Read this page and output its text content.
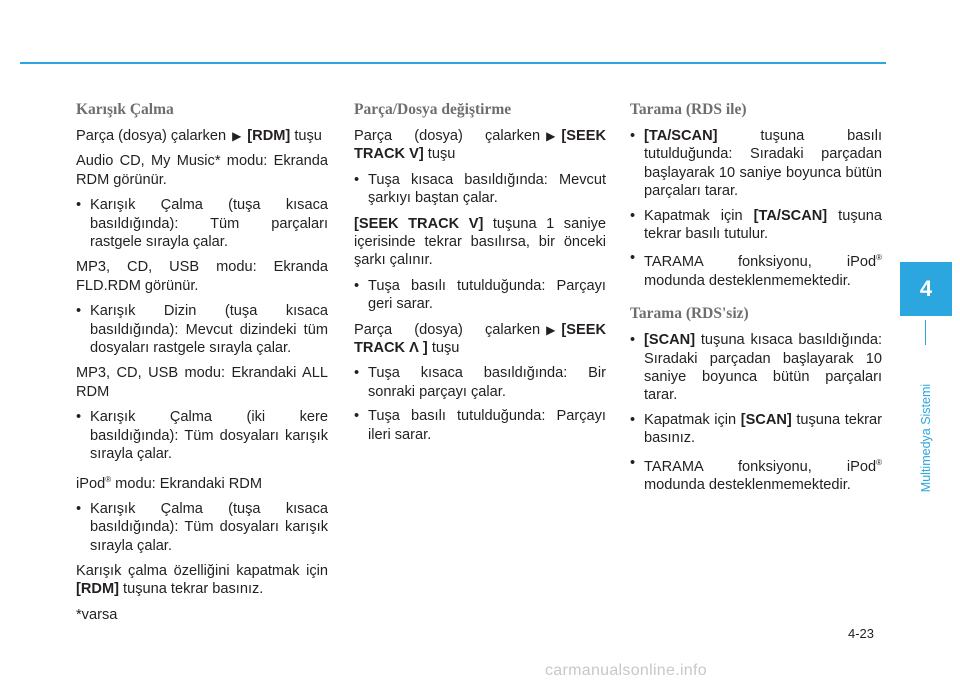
Karışık Çalma

Parça (dosya) çalarken ▶ [RDM] tuşu

Audio CD, My Music* modu: Ekranda RDM görünür.

• Karışık Çalma (tuşa kısaca basıldığında): Tüm parçaları rastgele sırayla çalar.

MP3, CD, USB modu: Ekranda FLD.RDM görünür.

• Karışık Dizin (tuşa kısaca basıldığında): Mevcut dizindeki tüm dosyaları rastgele sırayla çalar.

MP3, CD, USB modu: Ekrandaki ALL RDM

• Karışık Çalma (iki kere basıldığında): Tüm dosyaları karışık sırayla çalar.

iPod® modu: Ekrandaki RDM

• Karışık Çalma (tuşa kısaca basıldığında): Tüm dosyaları karışık sırayla çalar.

Karışık çalma özelliğini kapatmak için [RDM] tuşuna tekrar basınız.

*varsa

Parça/Dosya değiştirme

Parça (dosya) çalarken ▶ [SEEK TRACK V] tuşu

• Tuşa kısaca basıldığında: Mevcut şarkıyı baştan çalar.

[SEEK TRACK V] tuşuna 1 saniye içerisinde tekrar basılırsa, bir önceki şarkı çalınır.

• Tuşa basılı tutulduğunda: Parçayı geri sarar.

Parça (dosya) çalarken ▶ [SEEK TRACK Λ ] tuşu

• Tuşa kısaca basıldığında: Bir sonraki parçayı çalar.
• Tuşa basılı tutulduğunda: Parçayı ileri sarar.
Tarama (RDS ile)
• [TA/SCAN] tuşuna basılı tutulduğunda: Sıradaki parçadan başlayarak 10 saniye boyunca bütün parçaları tarar.
• Kapatmak için [TA/SCAN] tuşuna tekrar basılı tutulur.
• TARAMA fonksiyonu, iPod® modunda desteklenmemektedir.
Tarama (RDS'siz)
• [SCAN] tuşuna kısaca basıldığında: Sıradaki parçadan başlayarak 10 saniye boyunca bütün parçaları tarar.
• Kapatmak için [SCAN] tuşuna tekrar basınız.
• TARAMA fonksiyonu, iPod® modunda desteklenmemektedir.
4
Multimedya Sistemi
4-23
carmanualsonline.info
